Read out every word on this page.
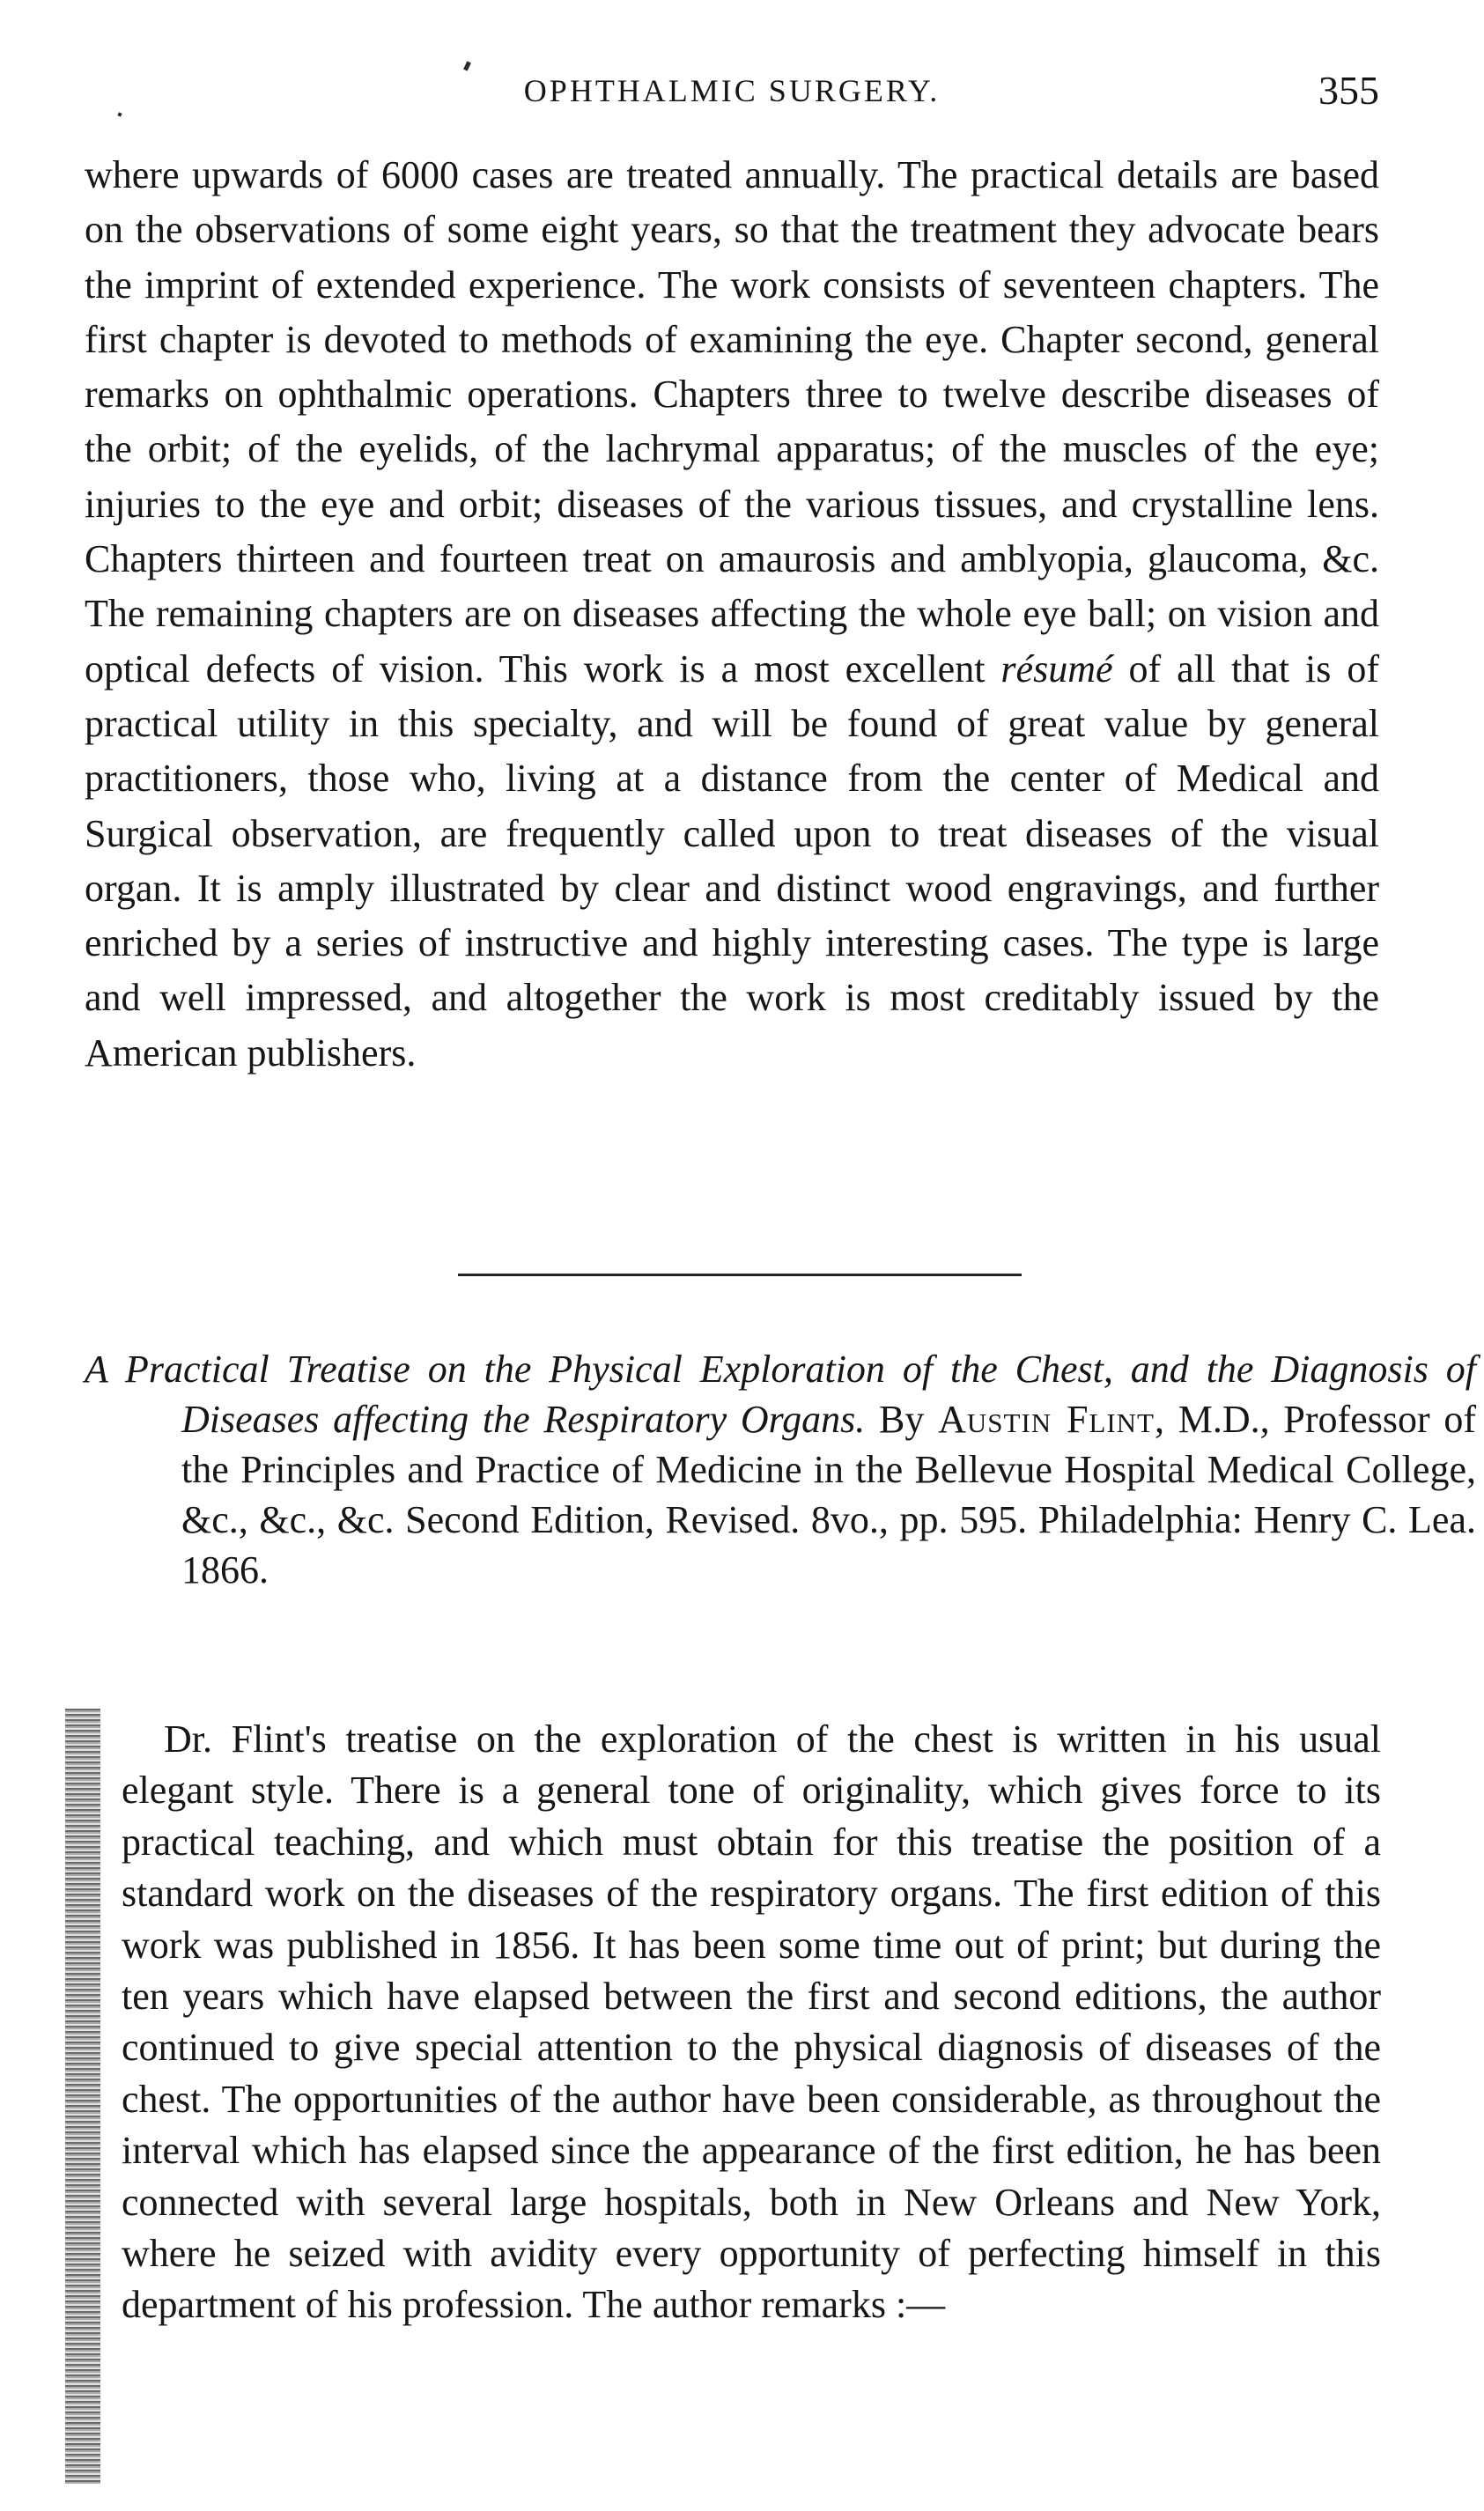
OPHTHALMIC SURGERY.	355

where upwards of 6000 cases are treated annually. The practical details are based on the observations of some eight years, so that the treatment they advocate bears the imprint of extended experience. The work consists of seventeen chapters. The first chapter is devoted to methods of examining the eye. Chapter second, general remarks on ophthalmic operations. Chapters three to twelve describe diseases of the orbit; of the eyelids, of the lachrymal apparatus; of the muscles of the eye; injuries to the eye and orbit; diseases of the various tissues, and crystalline lens. Chapters thirteen and fourteen treat on amaurosis and amblyopia, glaucoma, &c. The remaining chapters are on diseases affecting the whole eye ball; on vision and optical defects of vision. This work is a most excellent résumé of all that is of practical utility in this specialty, and will be found of great value by general practitioners, those who, living at a distance from the center of Medical and Surgical observation, are frequently called upon to treat diseases of the visual organ. It is amply illustrated by clear and distinct wood engravings, and further enriched by a series of instructive and highly interesting cases. The type is large and well impressed, and altogether the work is most creditably issued by the American publishers.

A Practical Treatise on the Physical Exploration of the Chest, and the Diagnosis of Diseases affecting the Respiratory Organs. By Austin Flint, M.D., Professor of the Principles and Practice of Medicine in the Bellevue Hospital Medical College, &c., &c., &c. Second Edition, Revised. 8vo., pp. 595. Philadelphia: Henry C. Lea. 1866.

Dr. Flint's treatise on the exploration of the chest is written in his usual elegant style. There is a general tone of originality, which gives force to its practical teaching, and which must obtain for this treatise the position of a standard work on the diseases of the respiratory organs. The first edition of this work was published in 1856. It has been some time out of print; but during the ten years which have elapsed between the first and second editions, the author continued to give special attention to the physical diagnosis of diseases of the chest. The opportunities of the author have been considerable, as throughout the interval which has elapsed since the appearance of the first edition, he has been connected with several large hospitals, both in New Orleans and New York, where he seized with avidity every opportunity of perfecting himself in this department of his profession. The author remarks :—
